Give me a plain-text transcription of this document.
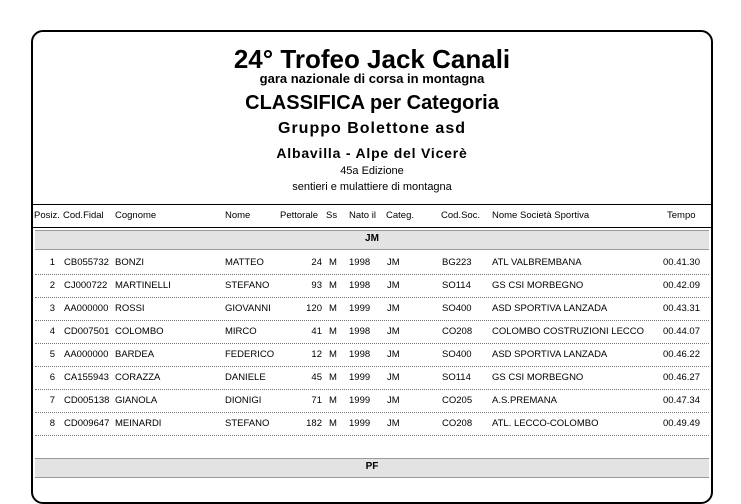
24° Trofeo Jack Canali
gara nazionale di corsa in montagna
CLASSIFICA per Categoria
Gruppo Bolettone asd
Albavilla - Alpe del Vicerè
45a Edizione
sentieri e mulattiere di montagna
Posiz. Cod.Fidal Cognome	Nome	Pettorale Ss Nato il Categ.	Cod.Soc. Nome Società Sportiva	Tempo
JM
1 CB055732 BONZI	MATTEO	24 M 1998 JM	BG223 ATL VALBREMBANA	00.41.30
2 CJ000722 MARTINELLI	STEFANO	93 M 1998 JM	SO114 GS CSI MORBEGNO	00.42.09
3 AA000000 ROSSI	GIOVANNI	120 M 1999 JM	SO400 ASD SPORTIVA LANZADA	00.43.31
4 CD007501 COLOMBO	MIRCO	41 M 1998 JM	CO208 COLOMBO COSTRUZIONI LECCO	00.44.07
5 AA000000 BARDEA	FEDERICO	12 M 1998 JM	SO400 ASD SPORTIVA LANZADA	00.46.22
6 CA155943 CORAZZA	DANIELE	45 M 1999 JM	SO114 GS CSI MORBEGNO	00.46.27
7 CD005138 GIANOLA	DIONIGI	71 M 1999 JM	CO205 A.S.PREMANA	00.47.34
8 CD009647 MEINARDI	STEFANO	182 M 1999 JM	CO208 ATL. LECCO-COLOMBO	00.49.49
PF
